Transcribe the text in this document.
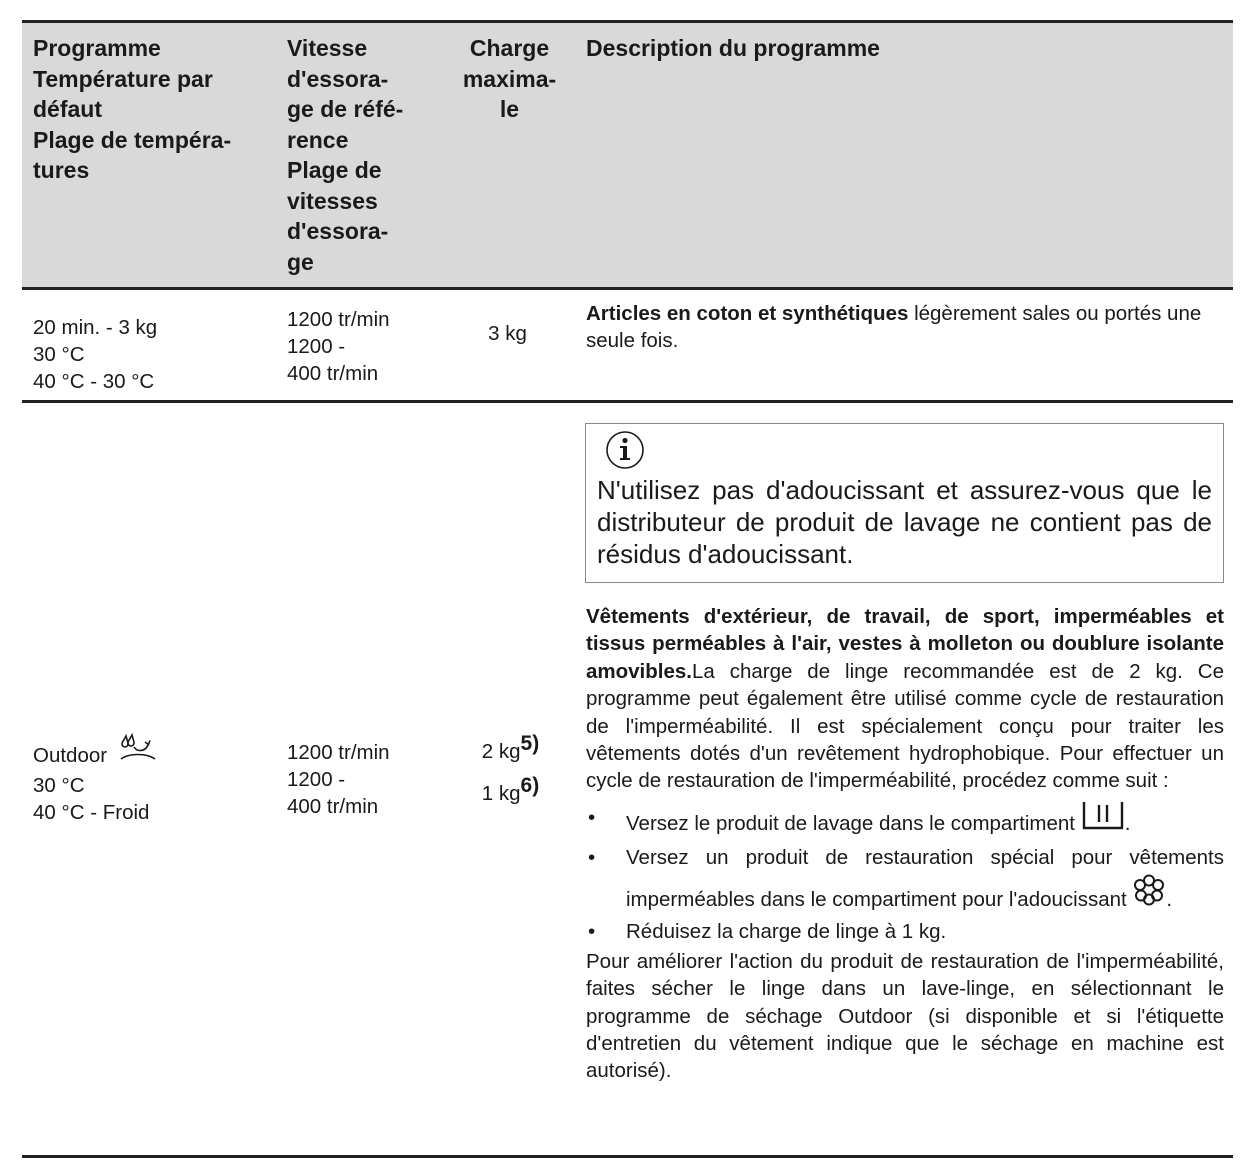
Programme
Température par
défaut
Plage de tempéra-
tures
Vitesse
d'essora-
ge de réfé-
rence
Plage de
vitesses
d'essora-
ge
Charge
maxima-
le
Description du programme
20 min. - 3 kg
30 °C
40 °C - 30 °C
1200 tr/min
1200 -
400 tr/min
3 kg
Articles en coton et synthétiques légèrement sales ou portés une seule fois.
Outdoor
30 °C
40 °C - Froid
1200 tr/min
1200 -
400 tr/min
2 kg5)
1 kg6)
N'utilisez pas d'adoucissant et assurez-vous que le distributeur de produit de lavage ne contient pas de résidus d'adoucissant.
Vêtements d'extérieur, de travail, de sport, imperméables et tissus perméables à l'air, vestes à molleton ou doublure isolante amovibles.La charge de linge recommandée est de 2 kg. Ce programme peut également être utilisé comme cycle de restauration de l'imperméabilité. Il est spécialement conçu pour traiter les vêtements dotés d'un revêtement hydrophobique. Pour effectuer un cycle de restauration de l'imperméabilité, procédez comme suit :
• Versez le produit de lavage dans le compartiment .
• Versez un produit de restauration spécial pour vêtements imperméables dans le compartiment pour l'adoucissant .
• Réduisez la charge de linge à 1 kg.
Pour améliorer l'action du produit de restauration de l'imperméabilité, faites sécher le linge dans un lave-linge, en sélectionnant le programme de séchage Outdoor (si disponible et si l'étiquette d'entretien du vêtement indique que le séchage en machine est autorisé).
